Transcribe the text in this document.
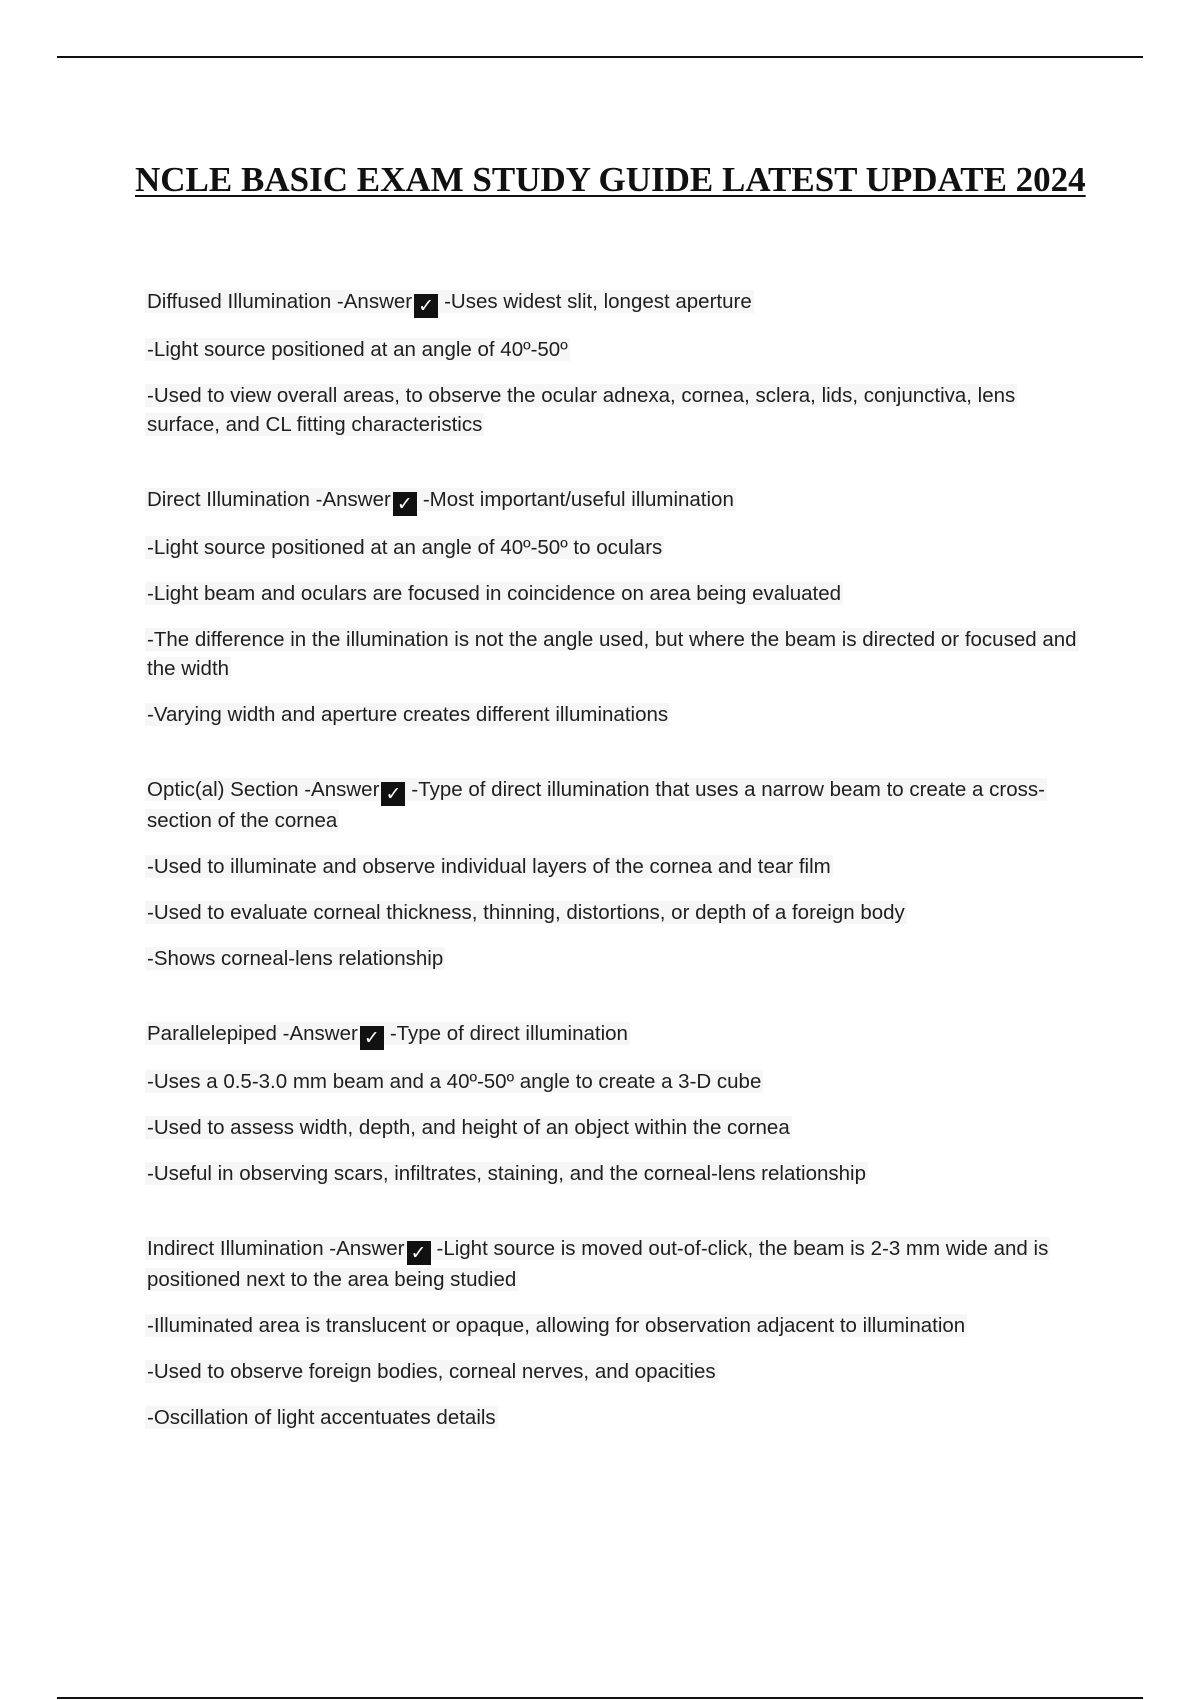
NCLE BASIC EXAM STUDY GUIDE LATEST UPDATE 2024
Diffused Illumination -Answer ✓ -Uses widest slit, longest aperture
-Light source positioned at an angle of 40º-50º
-Used to view overall areas, to observe the ocular adnexa, cornea, sclera, lids, conjunctiva, lens surface, and CL fitting characteristics
Direct Illumination -Answer ✓ -Most important/useful illumination
-Light source positioned at an angle of 40º-50º to oculars
-Light beam and oculars are focused in coincidence on area being evaluated
-The difference in the illumination is not the angle used, but where the beam is directed or focused and the width
-Varying width and aperture creates different illuminations
Optic(al) Section -Answer ✓ -Type of direct illumination that uses a narrow beam to create a cross-section of the cornea
-Used to illuminate and observe individual layers of the cornea and tear film
-Used to evaluate corneal thickness, thinning, distortions, or depth of a foreign body
-Shows corneal-lens relationship
Parallelepiped -Answer ✓ -Type of direct illumination
-Uses a 0.5-3.0 mm beam and a 40º-50º angle to create a 3-D cube
-Used to assess width, depth, and height of an object within the cornea
-Useful in observing scars, infiltrates, staining, and the corneal-lens relationship
Indirect Illumination -Answer ✓ -Light source is moved out-of-click, the beam is 2-3 mm wide and is positioned next to the area being studied
-Illuminated area is translucent or opaque, allowing for observation adjacent to illumination
-Used to observe foreign bodies, corneal nerves, and opacities
-Oscillation of light accentuates details
